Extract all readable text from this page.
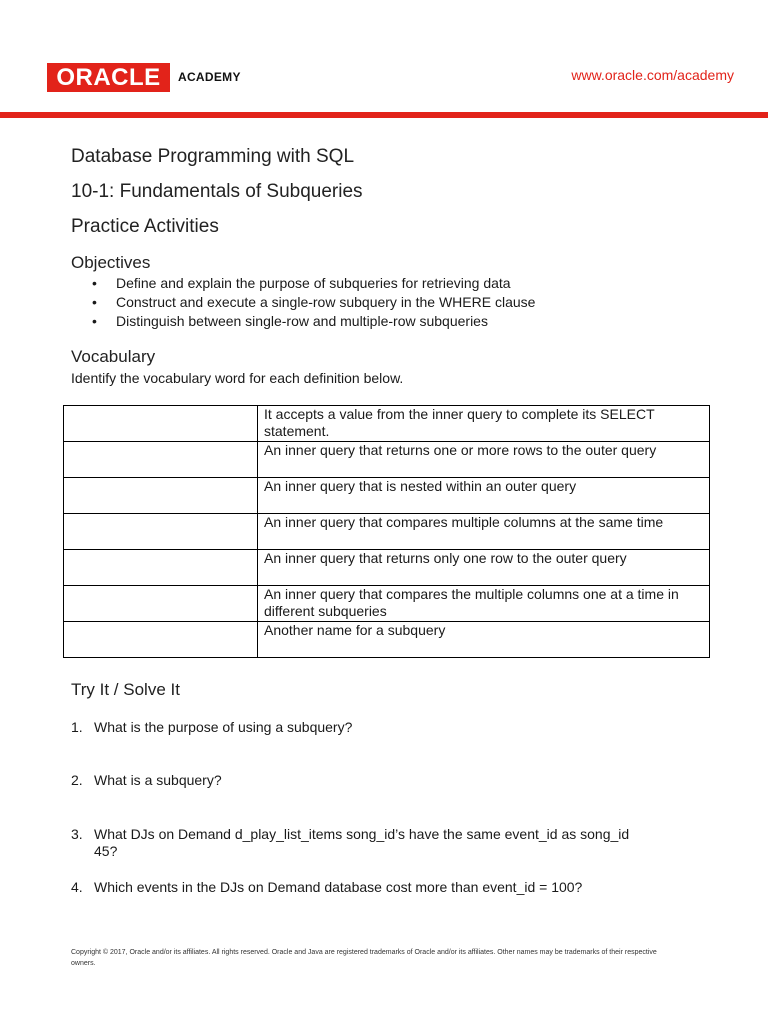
ORACLE	ACADEMY	www.oracle.com/academy
Database Programming with SQL
10-1: Fundamentals of Subqueries
Practice Activities
Objectives
• Define and explain the purpose of subqueries for retrieving data
• Construct and execute a single-row subquery in the WHERE clause
• Distinguish between single-row and multiple-row subqueries
Vocabulary
Identify the vocabulary word for each definition below.
	It accepts a value from the inner query to complete its SELECT statement.
	An inner query that returns one or more rows to the outer query
	An inner query that is nested within an outer query
	An inner query that compares multiple columns at the same time
	An inner query that returns only one row to the outer query
	An inner query that compares the multiple columns one at a time in different subqueries
	Another name for a subquery
Try It / Solve It
1. What is the purpose of using a subquery?
2. What is a subquery?
3. What DJs on Demand d_play_list_items song_id’s have the same event_id as song_id
45?
4. Which events in the DJs on Demand database cost more than event_id = 100?
Copyright © 2017, Oracle and/or its affiliates. All rights reserved. Oracle and Java are registered trademarks of Oracle and/or its affiliates. Other names may be trademarks of their respective owners.
